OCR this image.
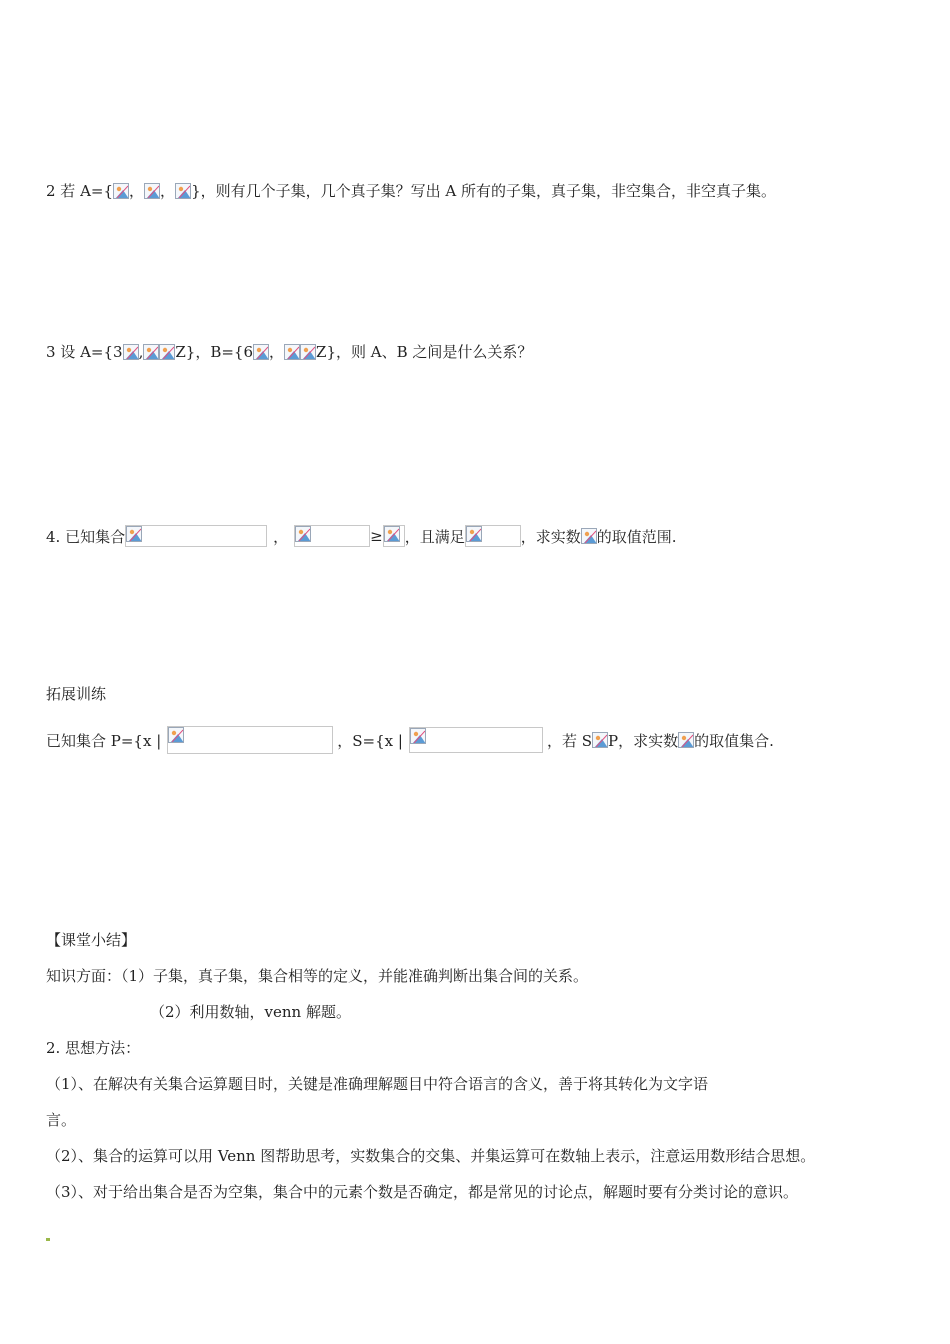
2 若 A={ ， ， }，则有几个子集，几个真子集？写出 A 所有的子集，真子集，非空集合，非空真子集。
3 设 A={3 , Z}，B={6 ， Z}，则 A、B 之间是什么关系？
4. 已知集合	，	≥ ，且满足	，求实数 的取值范围.
拓展训练
已知集合 P={x |	，S={x |	，若 S P，求实数 的取值集合.
【课堂小结】
知识方面：（1）子集，真子集，集合相等的定义，并能准确判断出集合间的关系。
（2）利用数轴，venn 解题。
2. 思想方法：
（1）、在解决有关集合运算题目时，关键是准确理解题目中符合语言的含义，善于将其转化为文字语
言。
（2）、集合的运算可以用 Venn 图帮助思考，实数集合的交集、并集运算可在数轴上表示，注意运用数形结合思想。
（3）、对于给出集合是否为空集，集合中的元素个数是否确定，都是常见的讨论点，解题时要有分类讨论的意识。
